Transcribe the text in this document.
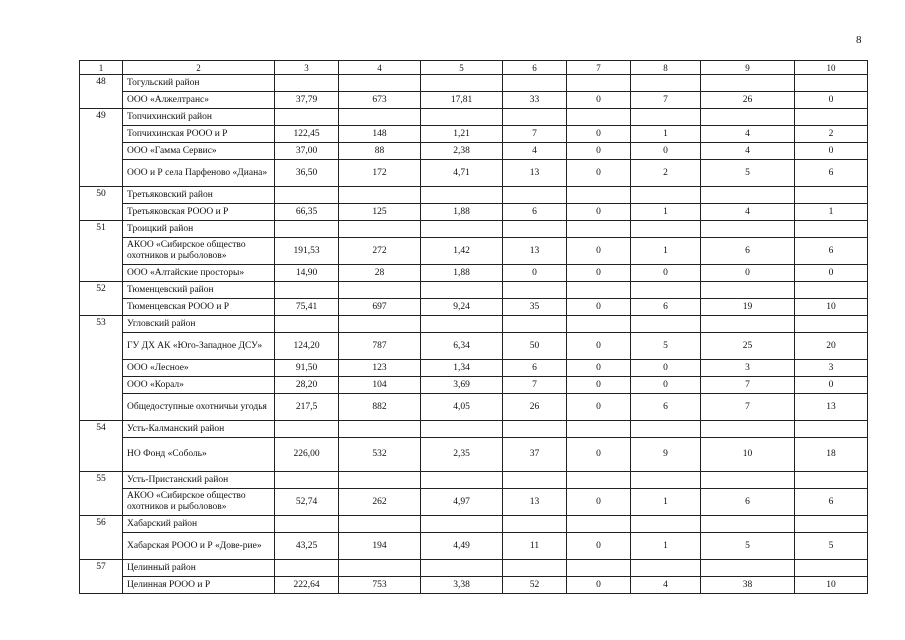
8
1	2	3	4	5	6	7	8	9	10
48	Тогульский район								
	ООО «Алжелтранс»	37,79	673	17,81	33	0	7	26	0
49	Топчихинский район								
	Топчихинская РООО и Р	122,45	148	1,21	7	0	1	4	2
	ООО «Гамма Сервис»	37,00	88	2,38	4	0	0	4	0
	ООО и Р села Парфеново «Диана»	36,50	172	4,71	13	0	2	5	6
50	Третьяковский район								
	Третьяковская РООО и Р	66,35	125	1,88	6	0	1	4	1
51	Троицкий район								
	АКОО «Сибирское общество охотников и рыболовов»	191,53	272	1,42	13	0	1	6	6
	ООО «Алтайские просторы»	14,90	28	1,88	0	0	0	0	0
52	Тюменцевский район								
	Тюменцевская РООО и Р	75,41	697	9,24	35	0	6	19	10
53	Угловский район								
	ГУ ДХ АК «Юго-Западное ДСУ»	124,20	787	6,34	50	0	5	25	20
	ООО «Лесное»	91,50	123	1,34	6	0	0	3	3
	ООО «Корал»	28,20	104	3,69	7	0	0	7	0
	Общедоступные охотничьи угодья	217,5	882	4,05	26	0	6	7	13
54	Усть-Калманский район								
	НО Фонд «Соболь»	226,00	532	2,35	37	0	9	10	18
55	Усть-Пристанский район								
	АКОО «Сибирское общество охотников и рыболовов»	52,74	262	4,97	13	0	1	6	6
56	Хабарский район								
	Хабарская РООО и Р «Дове-рие»	43,25	194	4,49	11	0	1	5	5
57	Целинный район								
	Целинная РООО и Р	222,64	753	3,38	52	0	4	38	10
